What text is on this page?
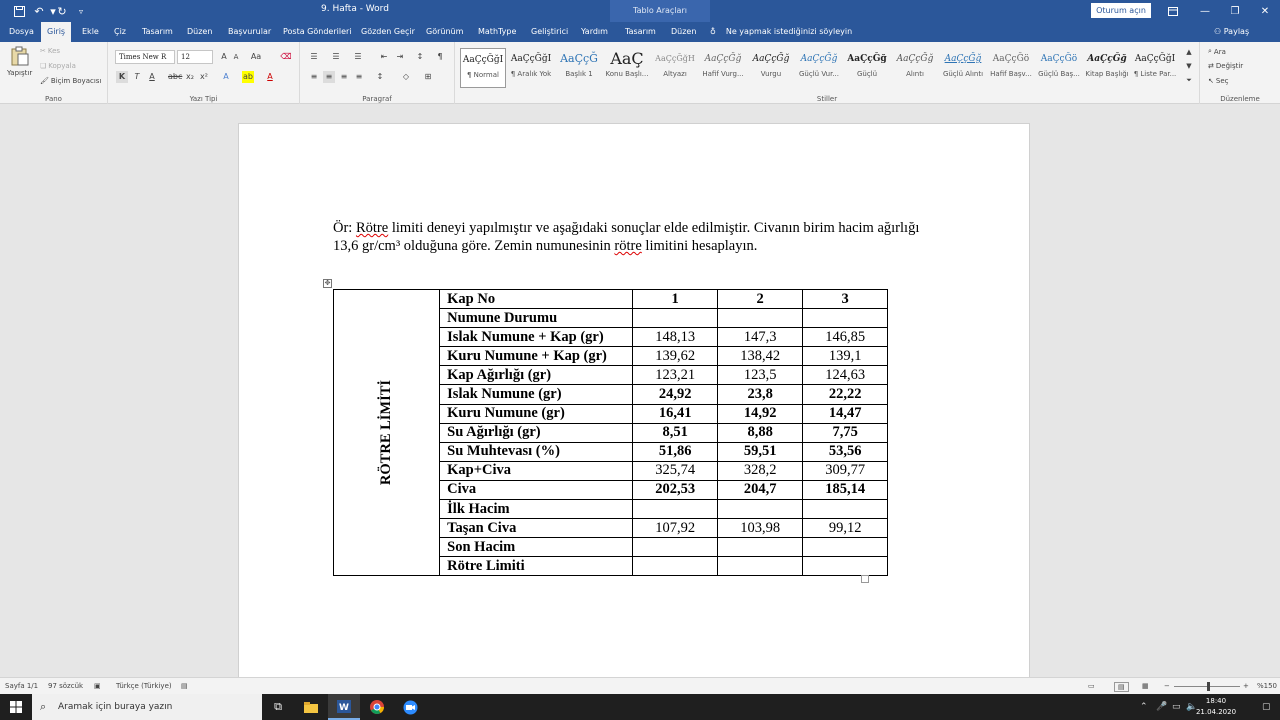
↶ ▾ ↻	▿	9. Hafta - Word	Tablo Araçları	Oturum açın	—	❐	✕
Dosya	Giriş	Ekle	Çiz	Tasarım	Düzen	Başvurular	Posta Gönderileri	Gözden Geçir	Görünüm	MathType	Geliştirici	Yardım	Tasarım	Düzen	♁ Ne yapmak istediğinizi söyleyin	⚇ Paylaş
Yapıştır
✂ Kes
❏ Kopyala
🖌 Biçim Boyacısı
Pano
Times New R	12	A A	Aa ⌫
K	T	A	abc x₂ x²	A	ab	A
Yazı Tipi
☰	☰	☰	⇤	⇥	↕	¶
≡	≡	≡	≡	↕	◇	⊞
Paragraf
AaÇçĞğI
¶ Normal
AaÇçĞğI
¶ Aralık Yok
AaÇçĞ
Başlık 1
AaÇ
Konu Başlı...
AaÇçĞğH
Altyazı
AaÇçĞğ
Hafif Vurg...
AaÇçĞğ
Vurgu
AaÇçĞğ
Güçlü Vur...
AaÇçĞğ
Güçlü
AaÇçĞğ
Alıntı
AaÇçĞğ
Güçlü Alıntı
AaÇçĞö
Hafif Başv...
AaÇçĞö
Güçlü Baş...
AaÇçĞğ
Kitap Başlığı
AaÇçĞğI
¶ Liste Par...
▲
▼
⏷
Stiller
⌕ Ara
⇄ Değiştir
↖ Seç
Düzenleme

Ör: Rötre limiti deneyi yapılmıştır ve aşağıdaki sonuçlar elde edilmiştir. Civanın birim hacim ağırlığı 13,6 gr/cm³ olduğuna göre. Zemin numunesinin rötre limitini hesaplayın.

✥
RÖTRE LİMİTİ	Kap No	1	2	3
	Numune Durumu			
	Islak Numune + Kap (gr)	148,13	147,3	146,85
	Kuru Numune + Kap (gr)	139,62	138,42	139,1
	Kap Ağırlığı (gr)	123,21	123,5	124,63
	Islak Numune (gr)	24,92	23,8	22,22
	Kuru Numune (gr)	16,41	14,92	14,47
	Su Ağırlığı (gr)	8,51	8,88	7,75
	Su Muhtevası (%)	51,86	59,51	53,56
	Kap+Civa	325,74	328,2	309,77
	Civa	202,53	204,7	185,14
	İlk Hacim			
	Taşan Civa	107,92	103,98	99,12
	Son Hacim			
	Rötre Limiti			
Sayfa 1/1 97 sözcük ▣ Türkçe (Türkiye) ▤	▭	▤	▦ −	+ %150
⌕ Aramak için buraya yazın	⧉	W	⌃ 🎤 ▭ 🔈
18:40
21.04.2020	▢
